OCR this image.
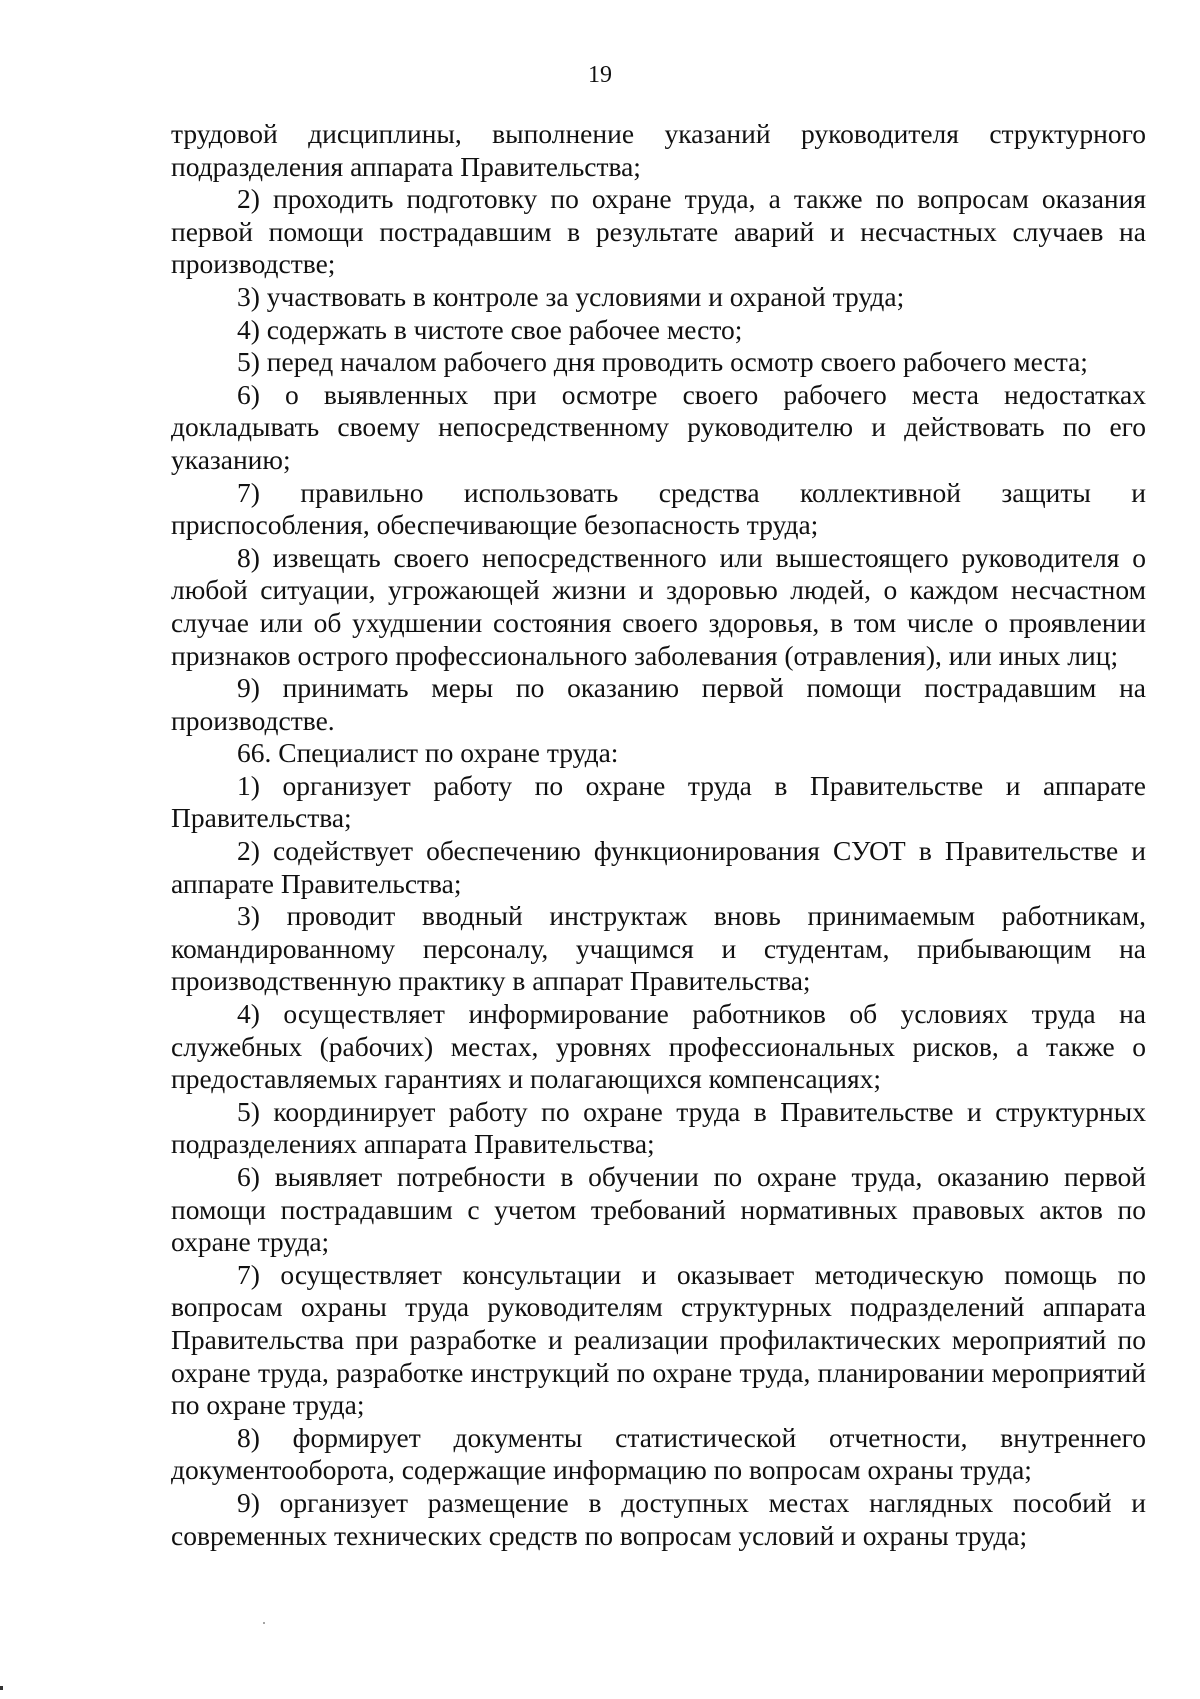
19

трудовой дисциплины, выполнение указаний руководителя структурного подразделения аппарата Правительства;

2) проходить подготовку по охране труда, а также по вопросам оказания первой помощи пострадавшим в результате аварий и несчастных случаев на производстве;

3) участвовать в контроле за условиями и охраной труда;

4) содержать в чистоте свое рабочее место;

5) перед началом рабочего дня проводить осмотр своего рабочего места;

6) о выявленных при осмотре своего рабочего места недостатках докладывать своему непосредственному руководителю и действовать по его указанию;

7) правильно использовать средства коллективной защиты и приспособления, обеспечивающие безопасность труда;

8) извещать своего непосредственного или вышестоящего руководителя о любой ситуации, угрожающей жизни и здоровью людей, о каждом несчастном случае или об ухудшении состояния своего здоровья, в том числе о проявлении признаков острого профессионального заболевания (отравления), или иных лиц;

9) принимать меры по оказанию первой помощи пострадавшим на производстве.

66. Специалист по охране труда:

1) организует работу по охране труда в Правительстве и аппарате Правительства;

2) содействует обеспечению функционирования СУОТ в Правительстве и аппарате Правительства;

3) проводит вводный инструктаж вновь принимаемым работникам, командированному персоналу, учащимся и студентам, прибывающим на производственную практику в аппарат Правительства;

4) осуществляет информирование работников об условиях труда на служебных (рабочих) местах, уровнях профессиональных рисков, а также о предоставляемых гарантиях и полагающихся компенсациях;

5) координирует работу по охране труда в Правительстве и структурных подразделениях аппарата Правительства;

6) выявляет потребности в обучении по охране труда, оказанию первой помощи пострадавшим с учетом требований нормативных правовых актов по охране труда;

7) осуществляет консультации и оказывает методическую помощь по вопросам охраны труда руководителям структурных подразделений аппарата Правительства при разработке и реализации профилактических мероприятий по охране труда, разработке инструкций по охране труда, планировании мероприятий по охране труда;

8) формирует документы статистической отчетности, внутреннего документооборота, содержащие информацию по вопросам охраны труда;

9) организует размещение в доступных местах наглядных пособий и современных технических средств по вопросам условий и охраны труда;
